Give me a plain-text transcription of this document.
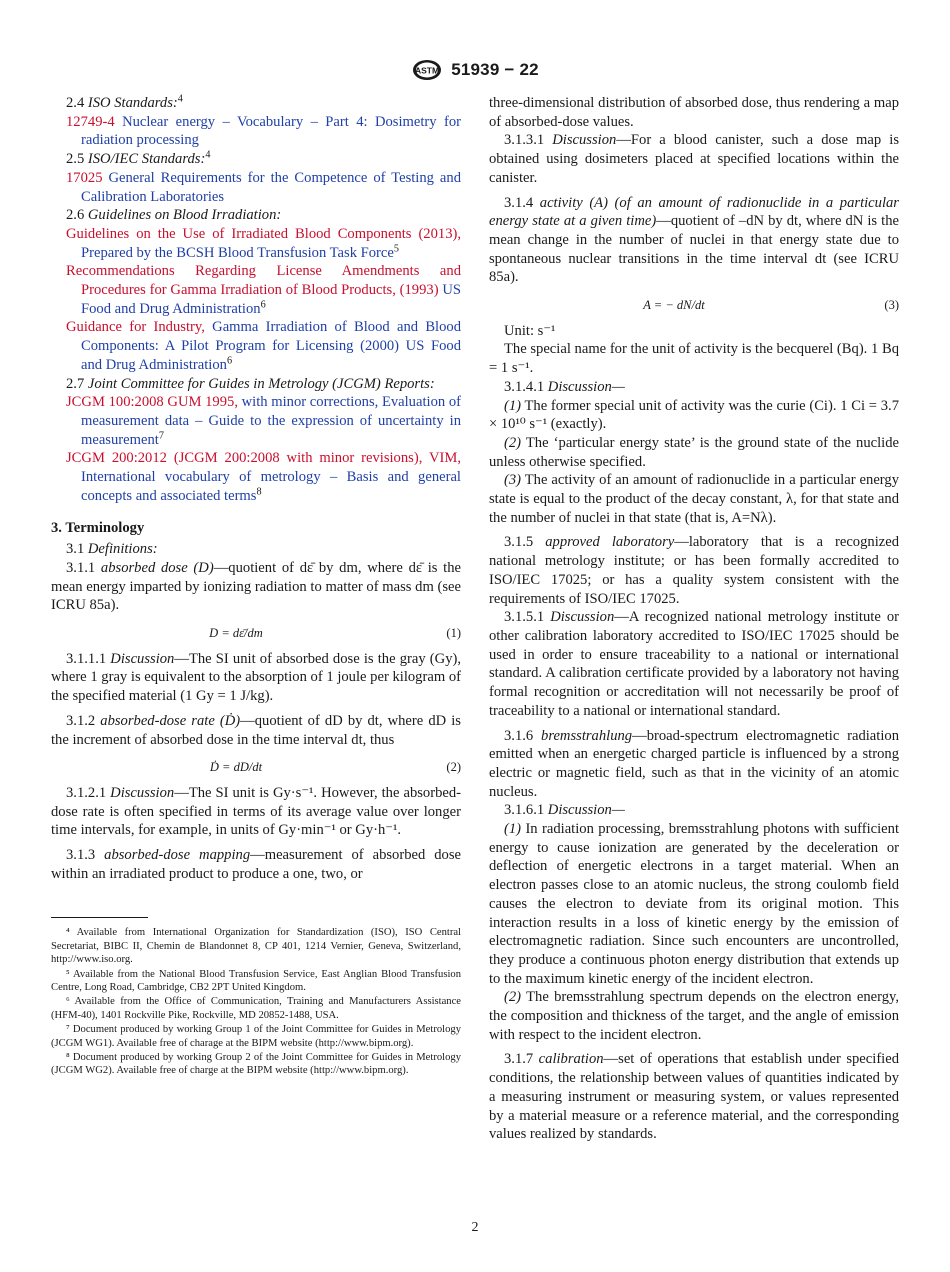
ASTM 51939 − 22

2.4 ISO Standards:$^4$

12749-4 Nuclear energy – Vocabulary – Part 4: Dosimetry for radiation processing

2.5 ISO/IEC Standards:$^4$

17025 General Requirements for the Competence of Testing and Calibration Laboratories

2.6 Guidelines on Blood Irradiation:

Guidelines on the Use of Irradiated Blood Components (2013), Prepared by the BCSH Blood Transfusion Task Force$^5$

Recommendations Regarding License Amendments and Procedures for Gamma Irradiation of Blood Products, (1993) US Food and Drug Administration$^6$

Guidance for Industry, Gamma Irradiation of Blood and Blood Components: A Pilot Program for Licensing (2000) US Food and Drug Administration$^6$

2.7 Joint Committee for Guides in Metrology (JCGM) Reports:

JCGM 100:2008 GUM 1995, with minor corrections, Evaluation of measurement data – Guide to the expression of uncertainty in measurement$^7$

JCGM 200:2012 (JCGM 200:2008 with minor revisions), VIM, International vocabulary of metrology – Basis and general concepts and associated terms$^8$

3. Terminology

3.1 Definitions:

3.1.1 absorbed dose (D)—quotient of dε̄ by dm, where dε̄ is the mean energy imparted by ionizing radiation to matter of mass dm (see ICRU 85a).

D = dε̄/dm	(1)

3.1.1.1 Discussion—The SI unit of absorbed dose is the gray (Gy), where 1 gray is equivalent to the absorption of 1 joule per kilogram of the specified material (1 Gy = 1 J/kg).

3.1.2 absorbed-dose rate (Ḋ)—quotient of dD by dt, where dD is the increment of absorbed dose in the time interval dt, thus

Ḋ = dD/dt	(2)

3.1.2.1 Discussion—The SI unit is Gy·s⁻¹. However, the absorbed-dose rate is often specified in terms of its average value over longer time intervals, for example, in units of Gy·min⁻¹ or Gy·h⁻¹.

3.1.3 absorbed-dose mapping—measurement of absorbed dose within an irradiated product to produce a one, two, or

⁴ Available from International Organization for Standardization (ISO), ISO Central Secretariat, BIBC II, Chemin de Blandonnet 8, CP 401, 1214 Vernier, Geneva, Switzerland, http://www.iso.org.

⁵ Available from the National Blood Transfusion Service, East Anglian Blood Transfusion Centre, Long Road, Cambridge, CB2 2PT United Kingdom.

⁶ Available from the Office of Communication, Training and Manufacturers Assistance (HFM-40), 1401 Rockville Pike, Rockville, MD 20852-1488, USA.

⁷ Document produced by working Group 1 of the Joint Committee for Guides in Metrology (JCGM WG1). Available free of charage at the BIPM website (http://www.bipm.org).

⁸ Document produced by working Group 2 of the Joint Committee for Guides in Metrology (JCGM WG2). Available free of charge at the BIPM website (http://www.bipm.org).

three-dimensional distribution of absorbed dose, thus rendering a map of absorbed-dose values.

3.1.3.1 Discussion—For a blood canister, such a dose map is obtained using dosimeters placed at specified locations within the canister.

3.1.4 activity (A) (of an amount of radionuclide in a particular energy state at a given time)—quotient of –dN by dt, where dN is the mean change in the number of nuclei in that energy state due to spontaneous nuclear transitions in the time interval dt (see ICRU 85a).

A = − dN/dt	(3)

Unit: s⁻¹

The special name for the unit of activity is the becquerel (Bq). 1 Bq = 1 s⁻¹.

3.1.4.1 Discussion—

(1) The former special unit of activity was the curie (Ci). 1 Ci = 3.7 × 10¹⁰ s⁻¹ (exactly).

(2) The ‘particular energy state’ is the ground state of the nuclide unless otherwise specified.

(3) The activity of an amount of radionuclide in a particular energy state is equal to the product of the decay constant, λ, for that state and the number of nuclei in that state (that is, A=Nλ).

3.1.5 approved laboratory—laboratory that is a recognized national metrology institute; or has been formally accredited to ISO/IEC 17025; or has a quality system consistent with the requirements of ISO/IEC 17025.

3.1.5.1 Discussion—A recognized national metrology institute or other calibration laboratory accredited to ISO/IEC 17025 should be used in order to ensure traceability to a national or international standard. A calibration certificate provided by a laboratory not having formal recognition or accreditation will not necessarily be proof of traceability to a national or international standard.

3.1.6 bremsstrahlung—broad-spectrum electromagnetic radiation emitted when an energetic charged particle is influenced by a strong electric or magnetic field, such as that in the vicinity of an atomic nucleus.

3.1.6.1 Discussion—

(1) In radiation processing, bremsstrahlung photons with sufficient energy to cause ionization are generated by the deceleration or deflection of energetic electrons in a target material. When an electron passes close to an atomic nucleus, the strong coulomb field causes the electron to deviate from its original motion. This interaction results in a loss of kinetic energy by the emission of electromagnetic radiation. Since such encounters are uncontrolled, they produce a continuous photon energy distribution that extends up to the maximum kinetic energy of the incident electron.

(2) The bremsstrahlung spectrum depends on the electron energy, the composition and thickness of the target, and the angle of emission with respect to the incident electron.

3.1.7 calibration—set of operations that establish under specified conditions, the relationship between values of quantities indicated by a measuring instrument or measuring system, or values represented by a material measure or a reference material, and the corresponding values realized by standards.

2
